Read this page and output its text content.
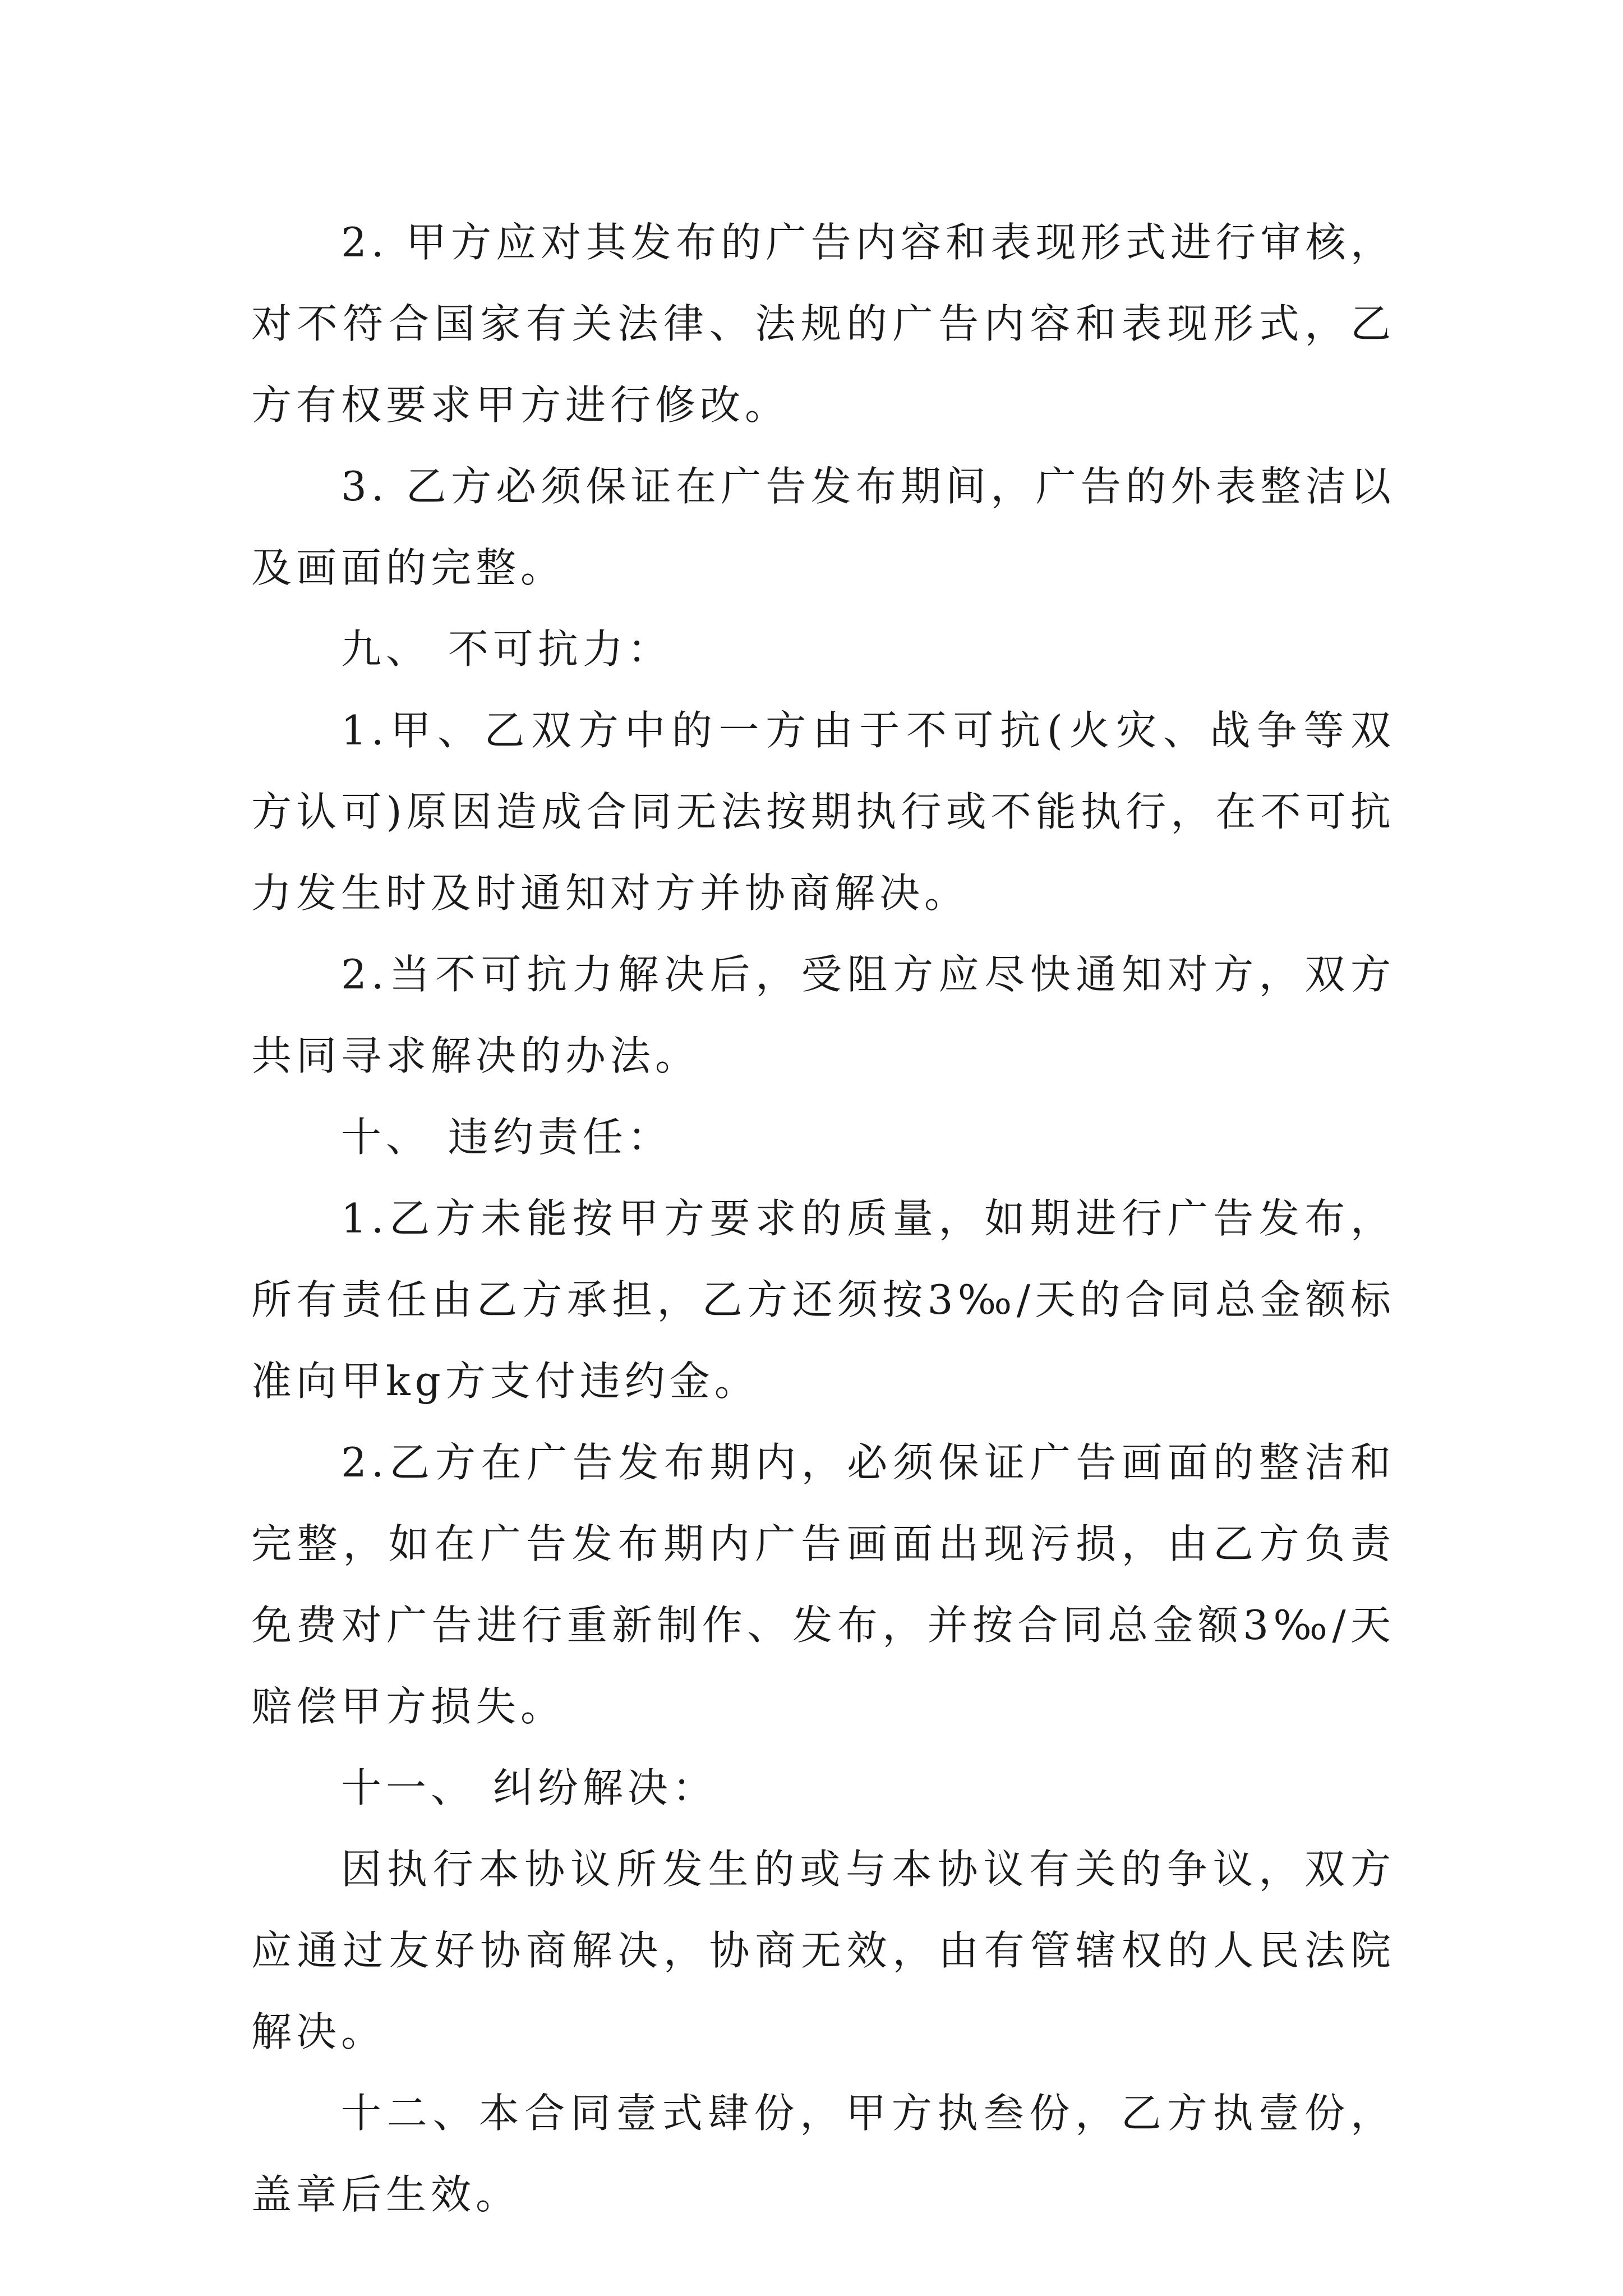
2. 甲方应对其发布的广告内容和表现形式进行审核，对不符合国家有关法律、法规的广告内容和表现形式，乙方有权要求甲方进行修改。

3. 乙方必须保证在广告发布期间，广告的外表整洁以及画面的完整。

九、 不可抗力：

1.甲、乙双方中的一方由于不可抗(火灾、战争等双方认可)原因造成合同无法按期执行或不能执行，在不可抗力发生时及时通知对方并协商解决。

2.当不可抗力解决后，受阻方应尽快通知对方，双方共同寻求解决的办法。

十、 违约责任：

1.乙方未能按甲方要求的质量，如期进行广告发布，所有责任由乙方承担，乙方还须按3‰/天的合同总金额标准向甲kg方支付违约金。

2.乙方在广告发布期内，必须保证广告画面的整洁和完整，如在广告发布期内广告画面出现污损，由乙方负责免费对广告进行重新制作、发布，并按合同总金额3‰/天赔偿甲方损失。

十一、 纠纷解决：

因执行本协议所发生的或与本协议有关的争议，双方应通过友好协商解决，协商无效，由有管辖权的人民法院解决。

十二、本合同壹式肆份，甲方执叁份，乙方执壹份，盖章后生效。
